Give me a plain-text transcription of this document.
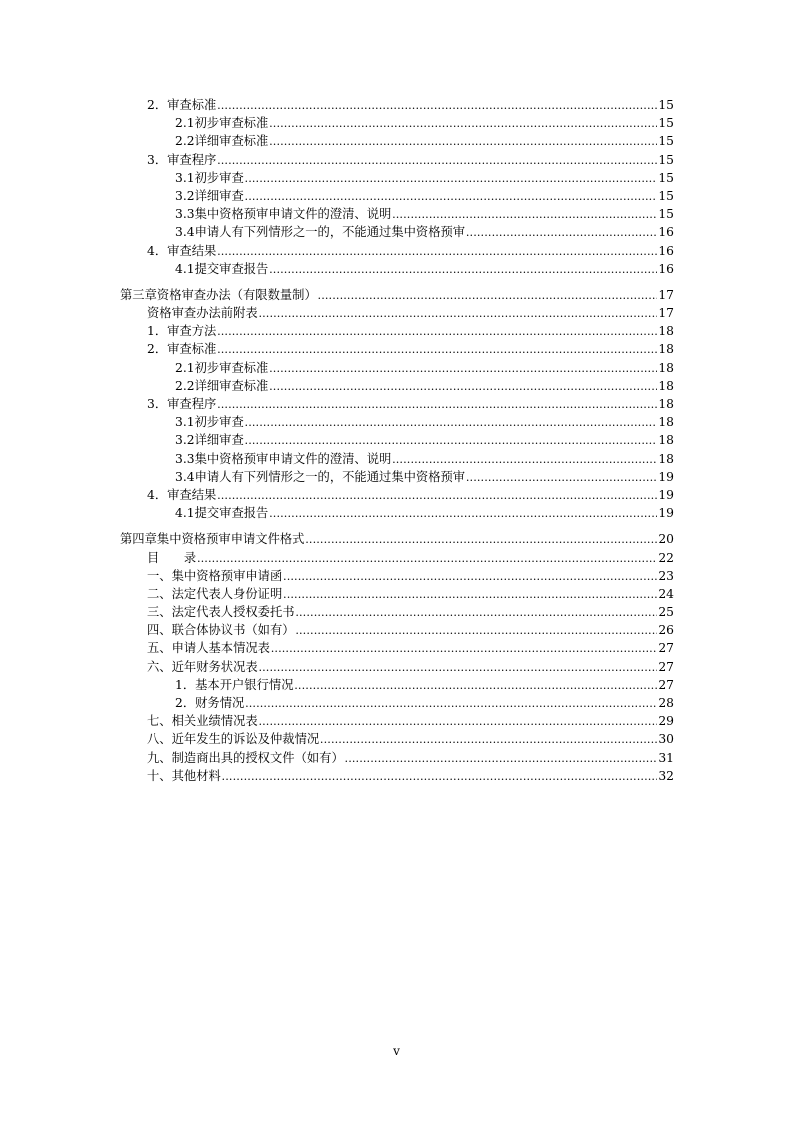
2．审查标准 .....	15
2.1 初步审查标准 .....	15
2.2 详细审查标准 .....	15
3．审查程序 .....	15
3.1 初步审查 .....	15
3.2 详细审查 .....	15
3.3 集中资格预审申请文件的澄清、说明 .....	15
3.4 申请人有下列情形之一的，不能通过集中资格预审 .....	16
4．审查结果 .....	16
4.1 提交审查报告 .....	16
第三章 资格审查办法（有限数量制） .....	17
资格审查办法前附表 .....	17
1．审查方法 .....	18
2．审查标准 .....	18
2.1 初步审查标准 .....	18
2.2 详细审查标准 .....	18
3．审查程序 .....	18
3.1 初步审查 .....	18
3.2 详细审查 .....	18
3.3 集中资格预审申请文件的澄清、说明 .....	18
3.4 申请人有下列情形之一的，不能通过集中资格预审 .....	19
4．审查结果 .....	19
4.1 提交审查报告 .....	19
第四章 集中资格预审申请文件格式 .....	20
目　　录 .....	22
一、集中资格预审申请函 .....	23
二、法定代表人身份证明 .....	24
三、法定代表人授权委托书 .....	25
四、联合体协议书（如有） .....	26
五、申请人基本情况表 .....	27
六、近年财务状况表 .....	27
1．基本开户银行情况 .....	27
2．财务情况 .....	28
七、相关业绩情况表 .....	29
八、近年发生的诉讼及仲裁情况 .....	30
九、制造商出具的授权文件（如有） .....	31
十、其他材料 .....	32
v
